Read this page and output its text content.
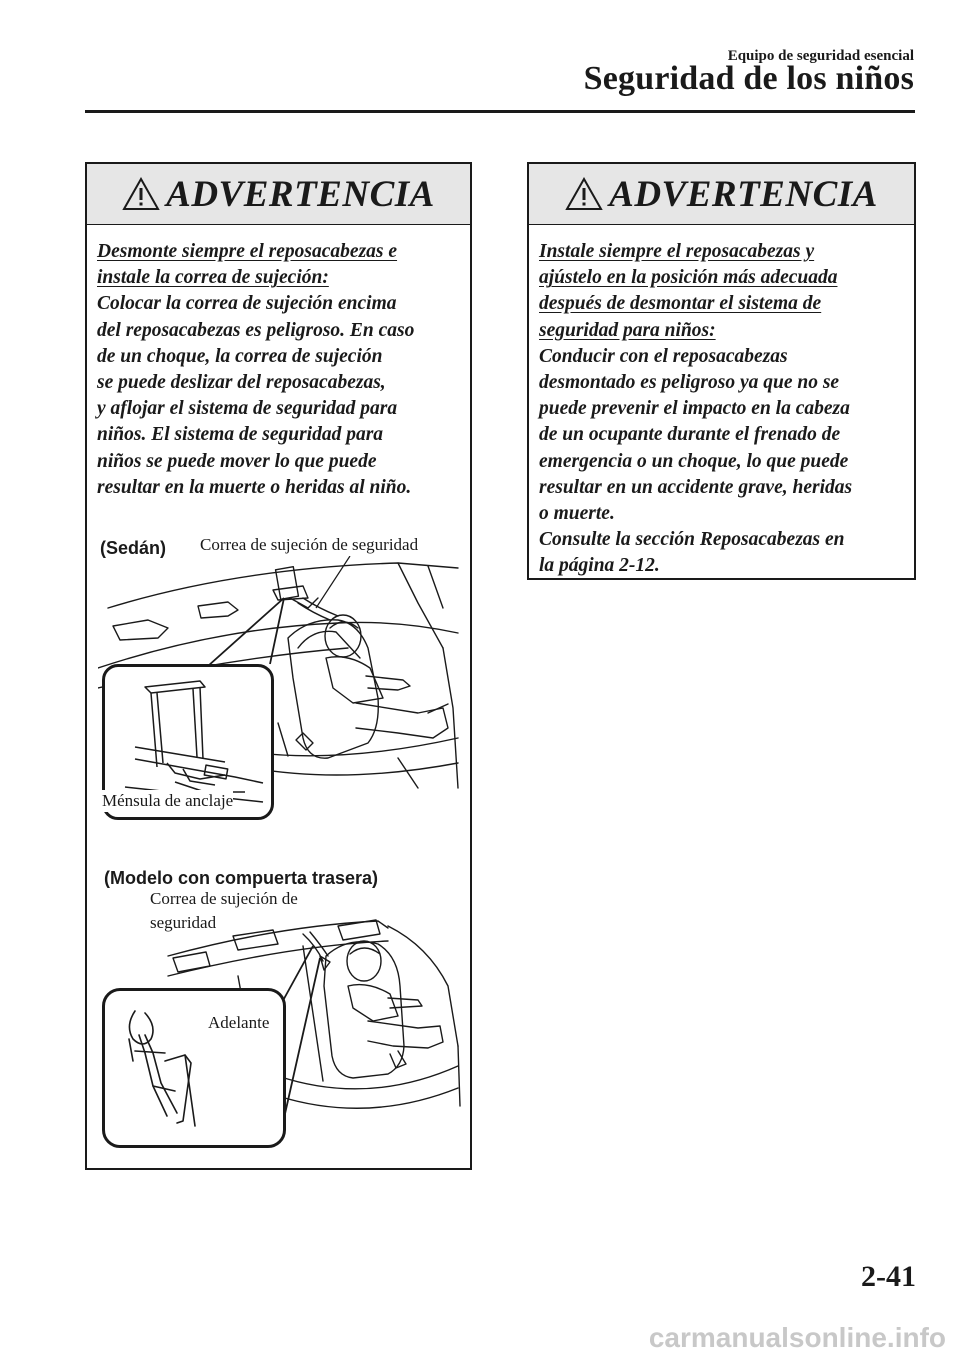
Equipo de seguridad esencial
Seguridad de los niños
ADVERTENCIA

Desmonte siempre el reposacabezas e

instale la correa de sujeción:

Colocar la correa de sujeción encima

del reposacabezas es peligroso. En caso

de un choque, la correa de sujeción

se puede deslizar del reposacabezas,

y aflojar el sistema de seguridad para

niños. El sistema de seguridad para

niños se puede mover lo que puede

resultar en la muerte o heridas al niño.

(Sedán) Correa de sujeción de seguridad
Ménsula de anclaje
(Modelo con compuerta trasera)
Correa de sujeción de
seguridad
Adelante
ADVERTENCIA

Instale siempre el reposacabezas y

ajústelo en la posición más adecuada

después de desmontar el sistema de

seguridad para niños:

Conducir con el reposacabezas

desmontado es peligroso ya que no se

puede prevenir el impacto en la cabeza

de un ocupante durante el frenado de

emergencia o un choque, lo que puede

resultar en un accidente grave, heridas

o muerte.

Consulte la sección Reposacabezas en

la página 2-12.

2-41
carmanualsonline.info
